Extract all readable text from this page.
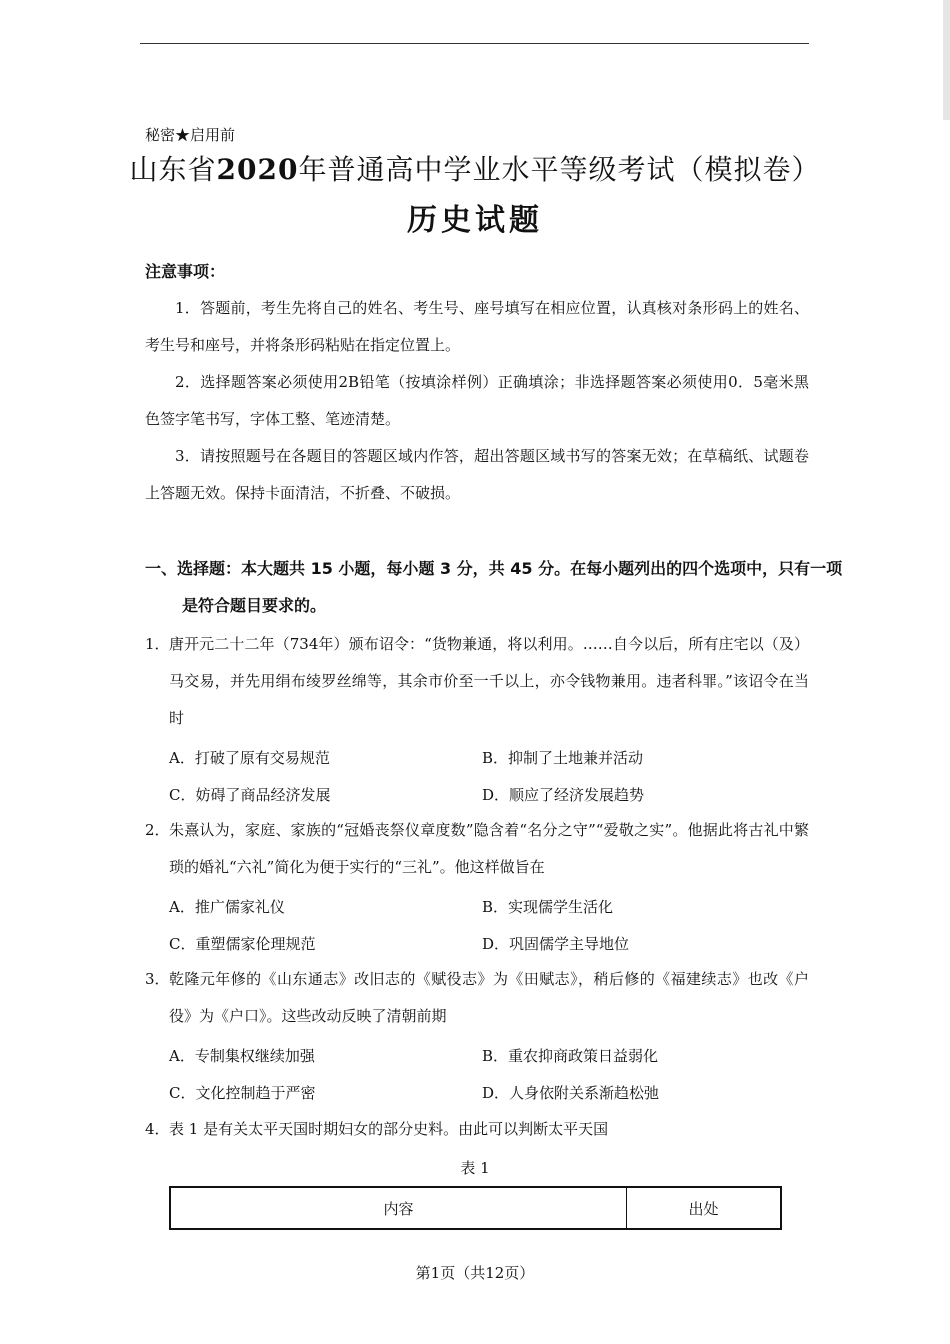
秘密★启用前
山东省2020年普通高中学业水平等级考试（模拟卷）
历史试题
注意事项：
1．答题前，考生先将自己的姓名、考生号、座号填写在相应位置，认真核对条形码上的姓名、考生号和座号，并将条形码粘贴在指定位置上。
2．选择题答案必须使用2B铅笔（按填涂样例）正确填涂；非选择题答案必须使用0．5毫米黑色签字笔书写，字体工整、笔迹清楚。
3．请按照题号在各题目的答题区域内作答，超出答题区域书写的答案无效；在草稿纸、试题卷上答题无效。保持卡面清洁，不折叠、不破损。
一、选择题：本大题共 15 小题，每小题 3 分，共 45 分。在每小题列出的四个选项中，只有一项是符合题目要求的。
1． 唐开元二十二年（734年）颁布诏令：“货物兼通，将以利用。……自今以后，所有庄宅以（及）马交易，并先用绢布绫罗丝绵等，其余市价至一千以上，亦令钱物兼用。违者科罪。”该诏令在当时
A．打破了原有交易规范	B．抑制了土地兼并活动
C．妨碍了商品经济发展	D．顺应了经济发展趋势
2． 朱熹认为，家庭、家族的“冠婚丧祭仪章度数”隐含着“名分之守”“爱敬之实”。他据此将古礼中繁琐的婚礼“六礼”简化为便于实行的“三礼”。他这样做旨在
A．推广儒家礼仪	B．实现儒学生活化
C．重塑儒家伦理规范	D．巩固儒学主导地位
3． 乾隆元年修的《山东通志》改旧志的《赋役志》为《田赋志》，稍后修的《福建续志》也改《户役》为《户口》。这些改动反映了清朝前期
A．专制集权继续加强	B．重农抑商政策日益弱化
C．文化控制趋于严密	D．人身依附关系渐趋松弛
4． 表 1 是有关太平天国时期妇女的部分史料。由此可以判断太平天国
表 1
内容	出处
第1页（共12页）
